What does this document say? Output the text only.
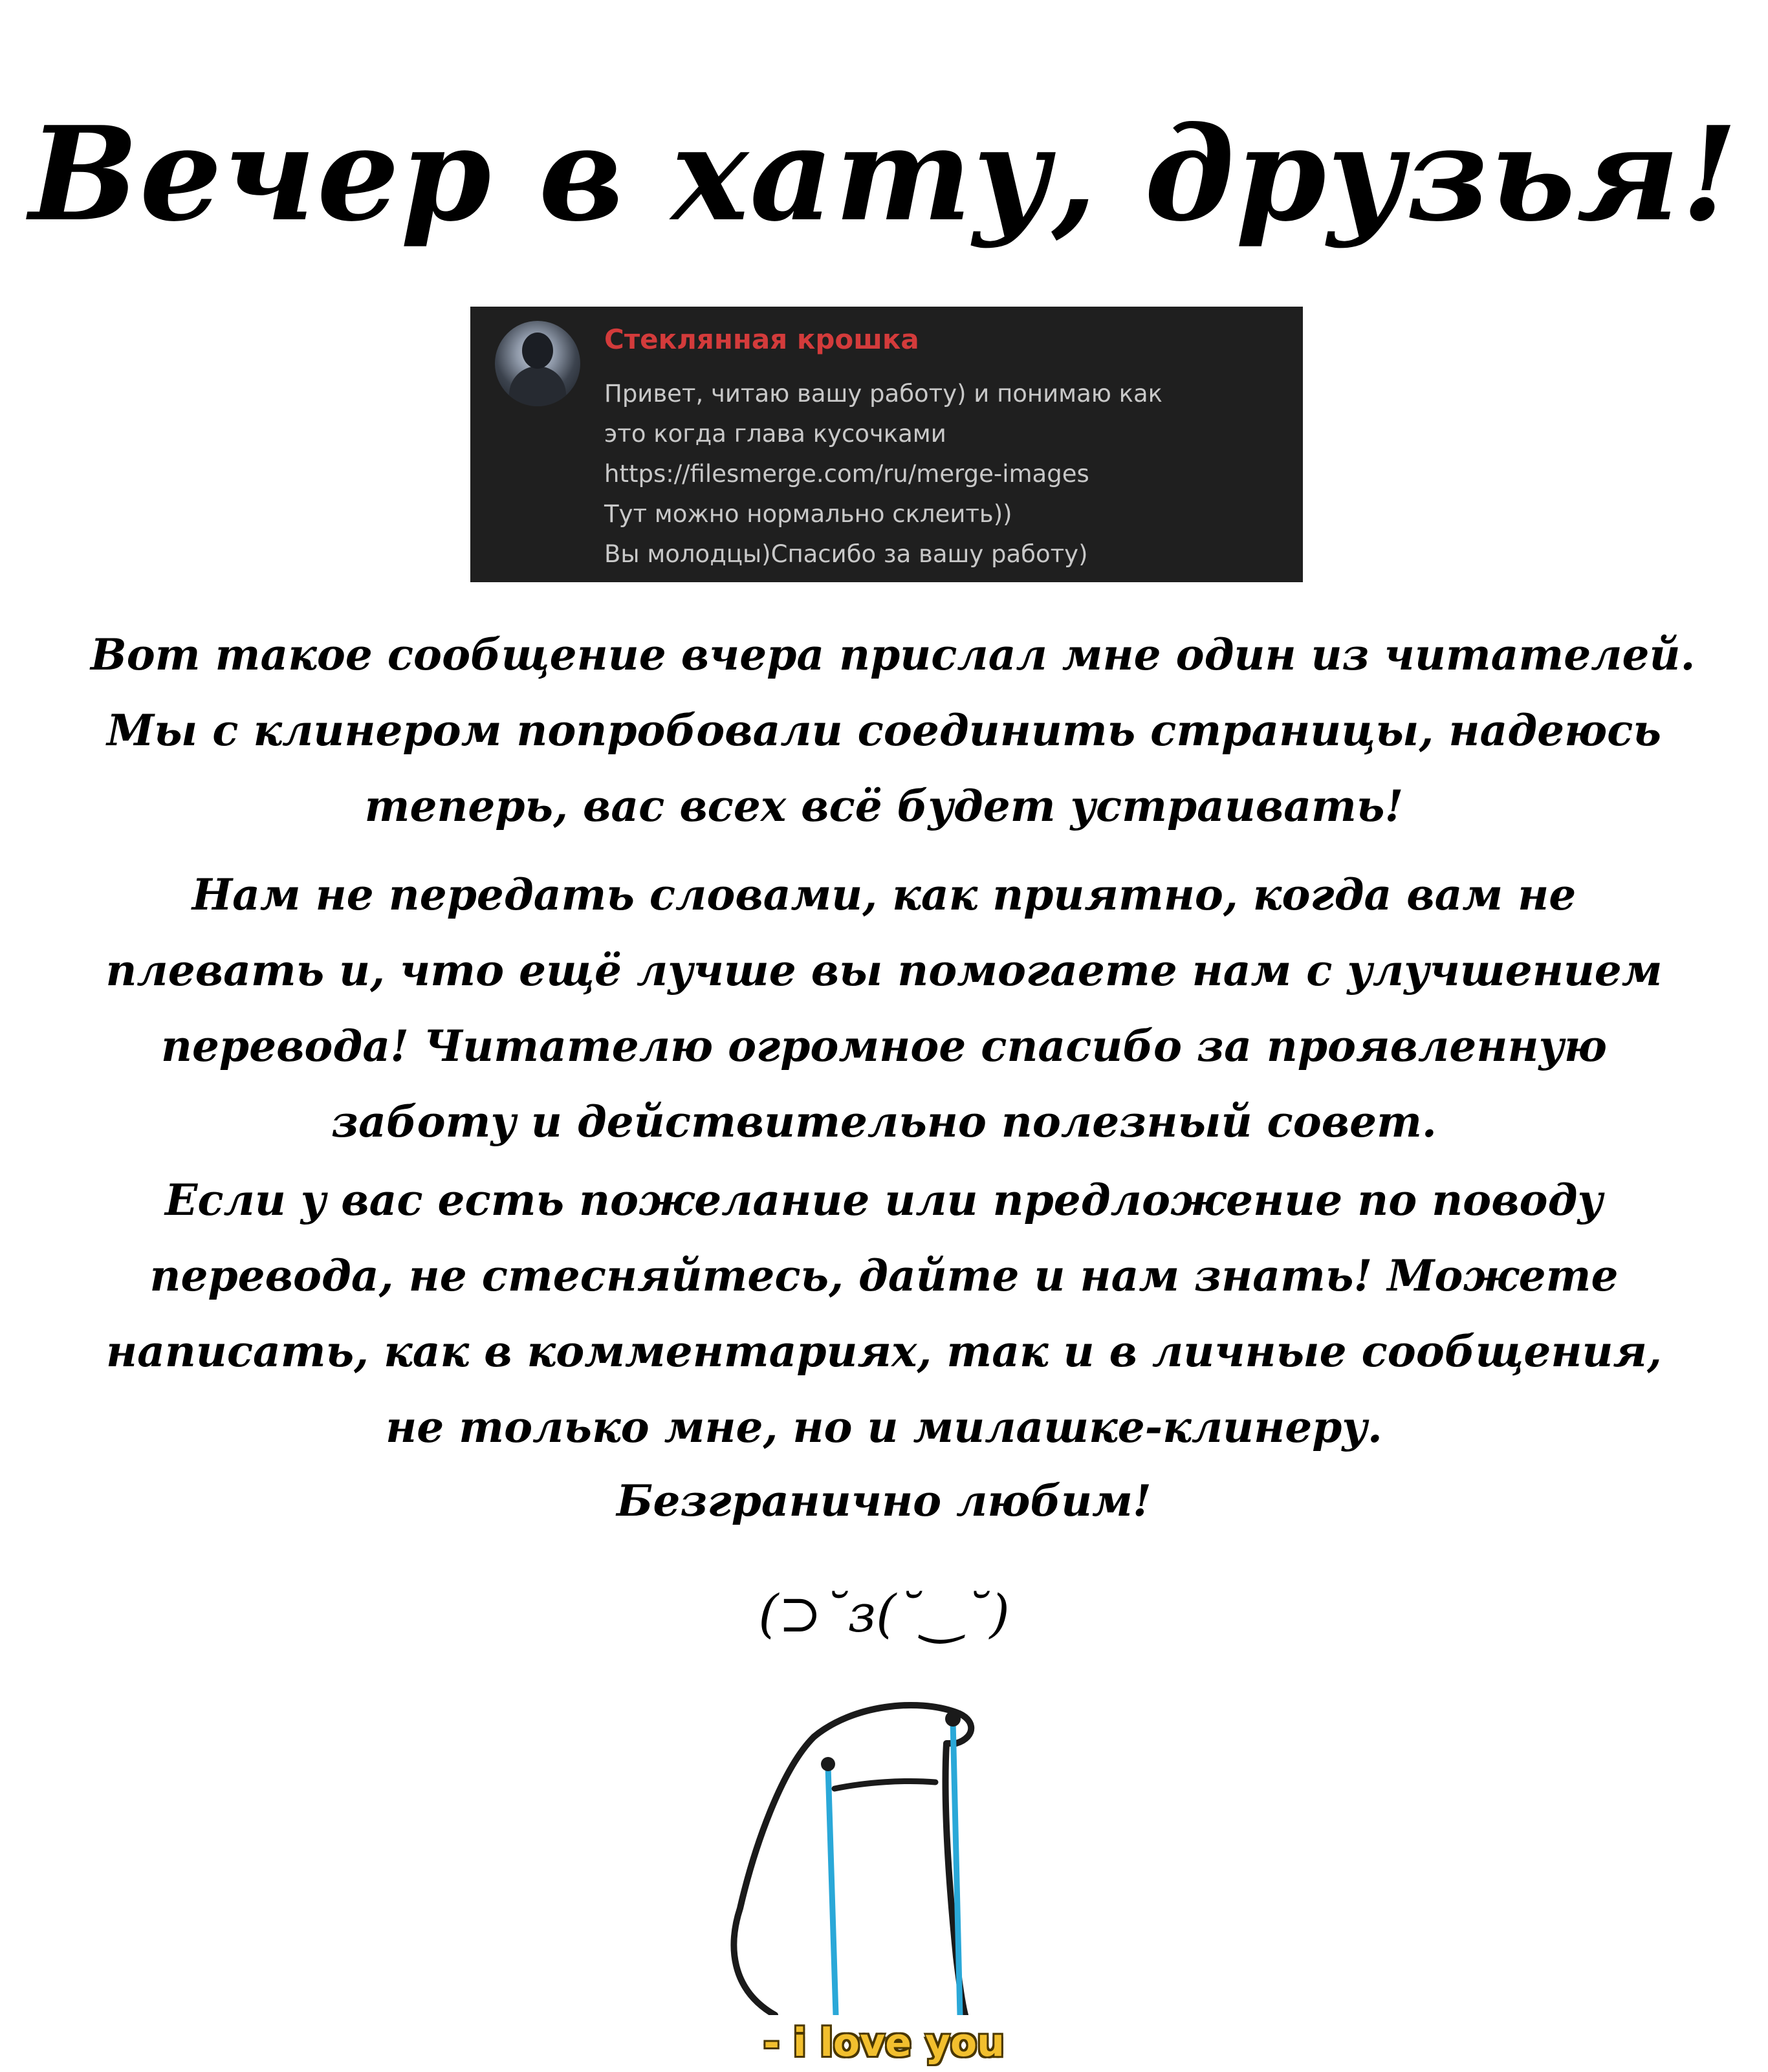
Вечер в хату, друзья!
Стеклянная крошка
Привет, читаю вашу работу) и понимаю как
это когда глава кусочками
https://filesmerge.com/ru/merge-images
Тут можно нормально склеить))
Вы молодцы)Спасибо за вашу работу)
Вот такое сообщение вчера прислал мне один из читателей.
Мы с клинером попробовали соединить страницы, надеюсь
теперь, вас всех всё будет устраивать!
Нам не передать словами, как приятно, когда вам не
плевать и, что ещё лучше вы помогаете нам с улучшением
перевода! Читателю огромное спасибо за проявленную
заботу и действительно полезный совет.
Если у вас есть пожелание или предложение по поводу
перевода, не стесняйтесь, дайте и нам знать! Можете
написать, как в комментариях, так и в личные сообщения,
не только мне, но и милашке-клинеру.
Безгранично любим!
(⊃˘з(˘‿˘)
- i love you
